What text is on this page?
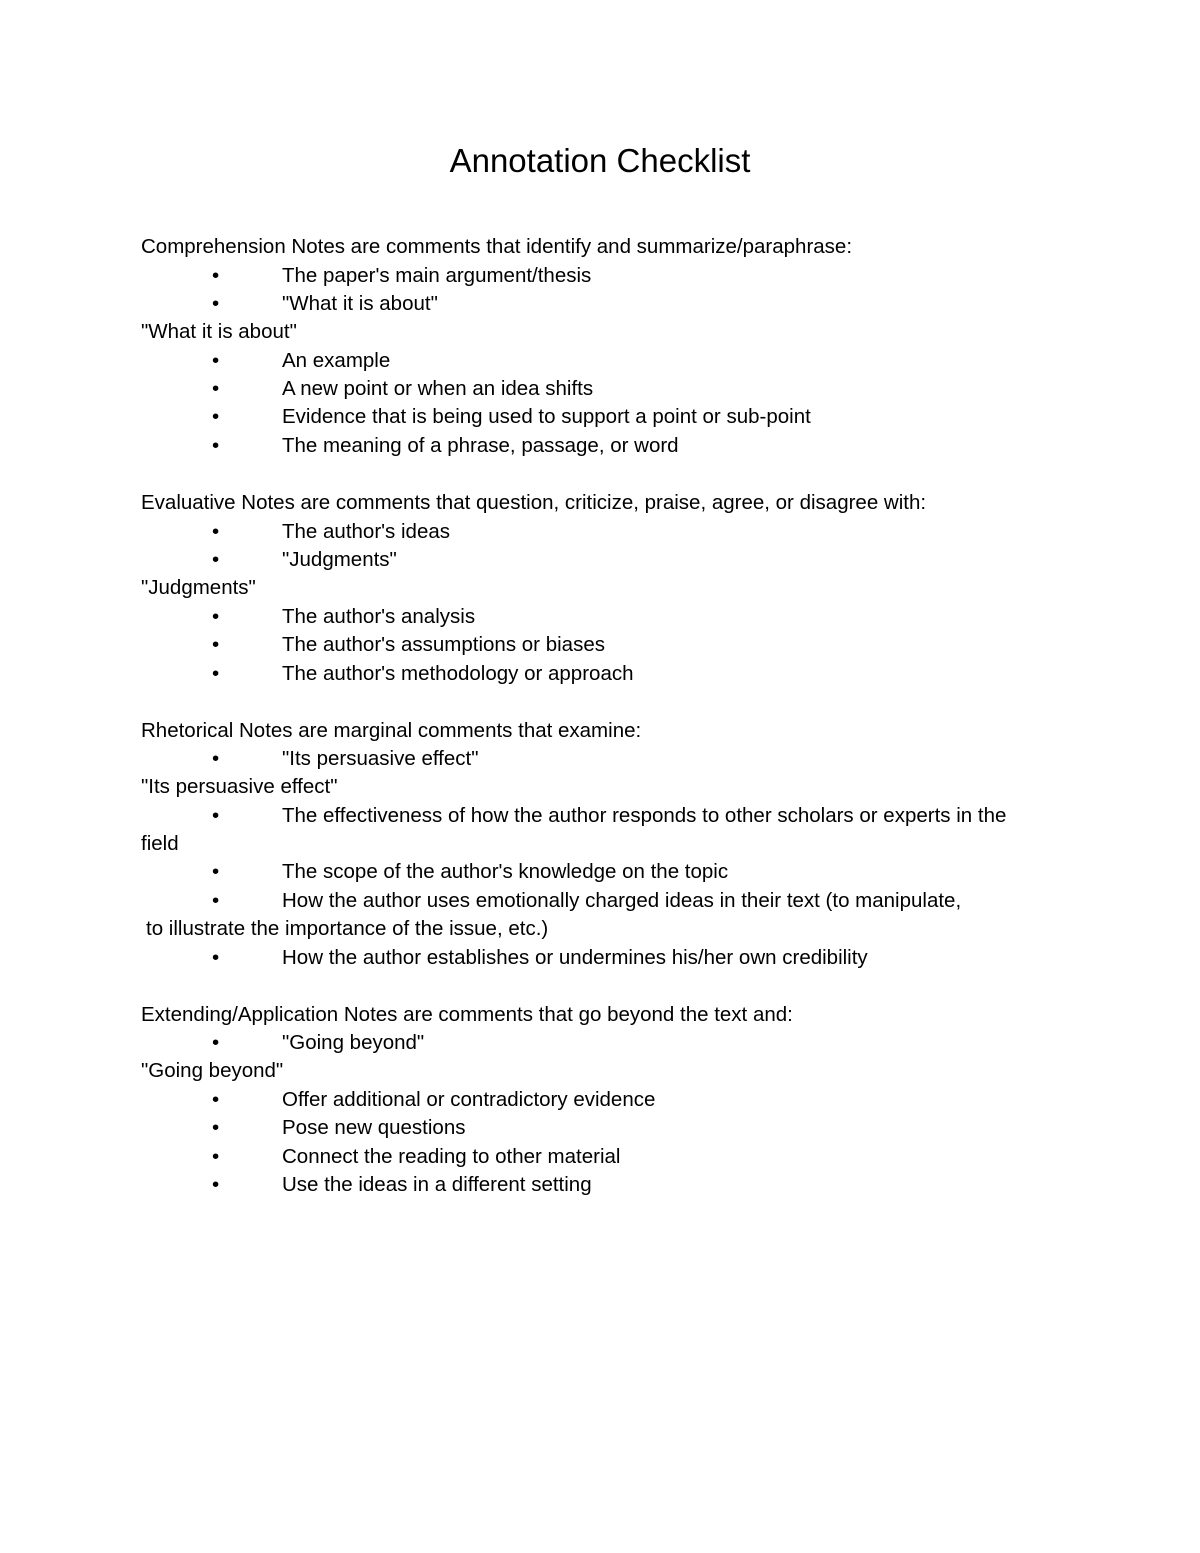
Annotation Checklist
Comprehension Notes are comments that identify and summarize/paraphrase:
•	The paper's main argument/thesis
•	"What it is about"
"What it is about"
•	An example
•	A new point or when an idea shifts
•	Evidence that is being used to support a point or sub-point
•	The meaning of a phrase, passage, or word
Evaluative Notes are comments that question, criticize, praise, agree, or disagree with:
•	The author's ideas
•	"Judgments"
"Judgments"
•	The author's analysis
•	The author's assumptions or biases
•	The author's methodology or approach
Rhetorical Notes are marginal comments that examine:
•	"Its persuasive effect"
"Its persuasive effect"
•	The effectiveness of how the author responds to other scholars or experts in the
field
•	The scope of the author's knowledge on the topic
•	How the author uses emotionally charged ideas in their text (to manipulate,
to illustrate the importance of the issue, etc.)
•	How the author establishes or undermines his/her own credibility
Extending/Application Notes are comments that go beyond the text and:
•	"Going beyond"
"Going beyond"
•	Offer additional or contradictory evidence
•	Pose new questions
•	Connect the reading to other material
•	Use the ideas in a different setting
